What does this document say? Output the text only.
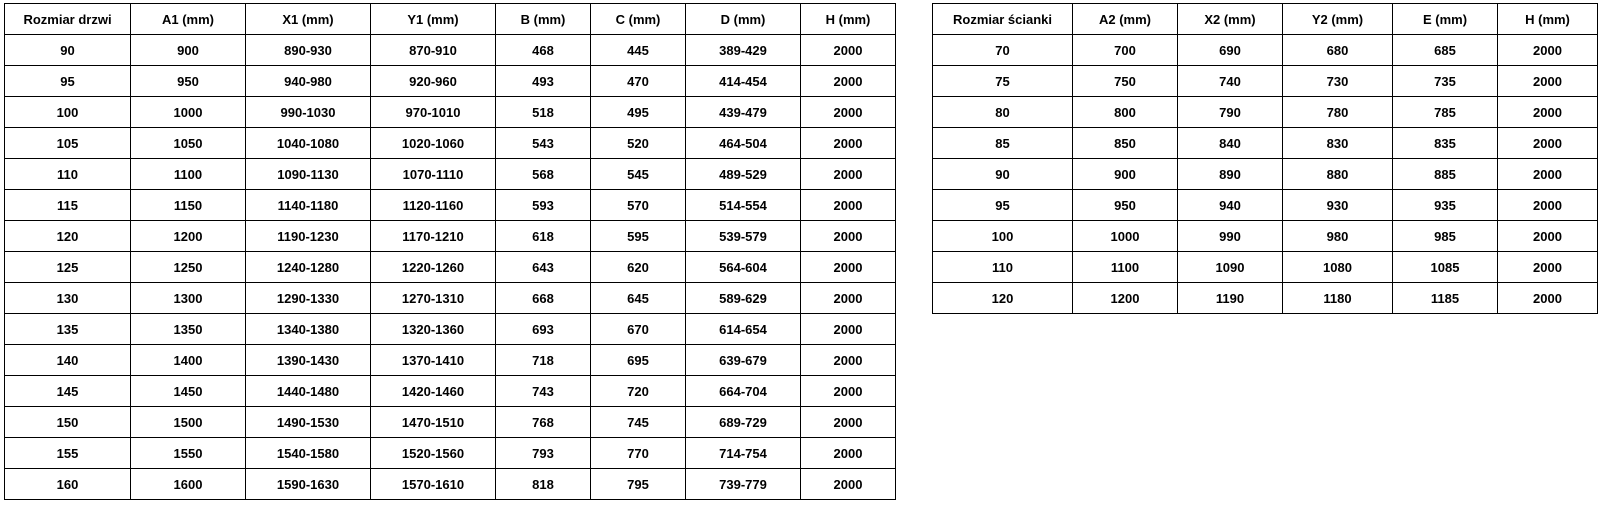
Rozmiar drzwi	A1 (mm)	X1 (mm)	Y1 (mm)	B (mm)	C (mm)	D (mm)	H (mm)
90	900	890-930	870-910	468	445	389-429	2000
95	950	940-980	920-960	493	470	414-454	2000
100	1000	990-1030	970-1010	518	495	439-479	2000
105	1050	1040-1080	1020-1060	543	520	464-504	2000
110	1100	1090-1130	1070-1110	568	545	489-529	2000
115	1150	1140-1180	1120-1160	593	570	514-554	2000
120	1200	1190-1230	1170-1210	618	595	539-579	2000
125	1250	1240-1280	1220-1260	643	620	564-604	2000
130	1300	1290-1330	1270-1310	668	645	589-629	2000
135	1350	1340-1380	1320-1360	693	670	614-654	2000
140	1400	1390-1430	1370-1410	718	695	639-679	2000
145	1450	1440-1480	1420-1460	743	720	664-704	2000
150	1500	1490-1530	1470-1510	768	745	689-729	2000
155	1550	1540-1580	1520-1560	793	770	714-754	2000
160	1600	1590-1630	1570-1610	818	795	739-779	2000
Rozmiar ścianki	A2 (mm)	X2 (mm)	Y2 (mm)	E (mm)	H (mm)
70	700	690	680	685	2000
75	750	740	730	735	2000
80	800	790	780	785	2000
85	850	840	830	835	2000
90	900	890	880	885	2000
95	950	940	930	935	2000
100	1000	990	980	985	2000
110	1100	1090	1080	1085	2000
120	1200	1190	1180	1185	2000
